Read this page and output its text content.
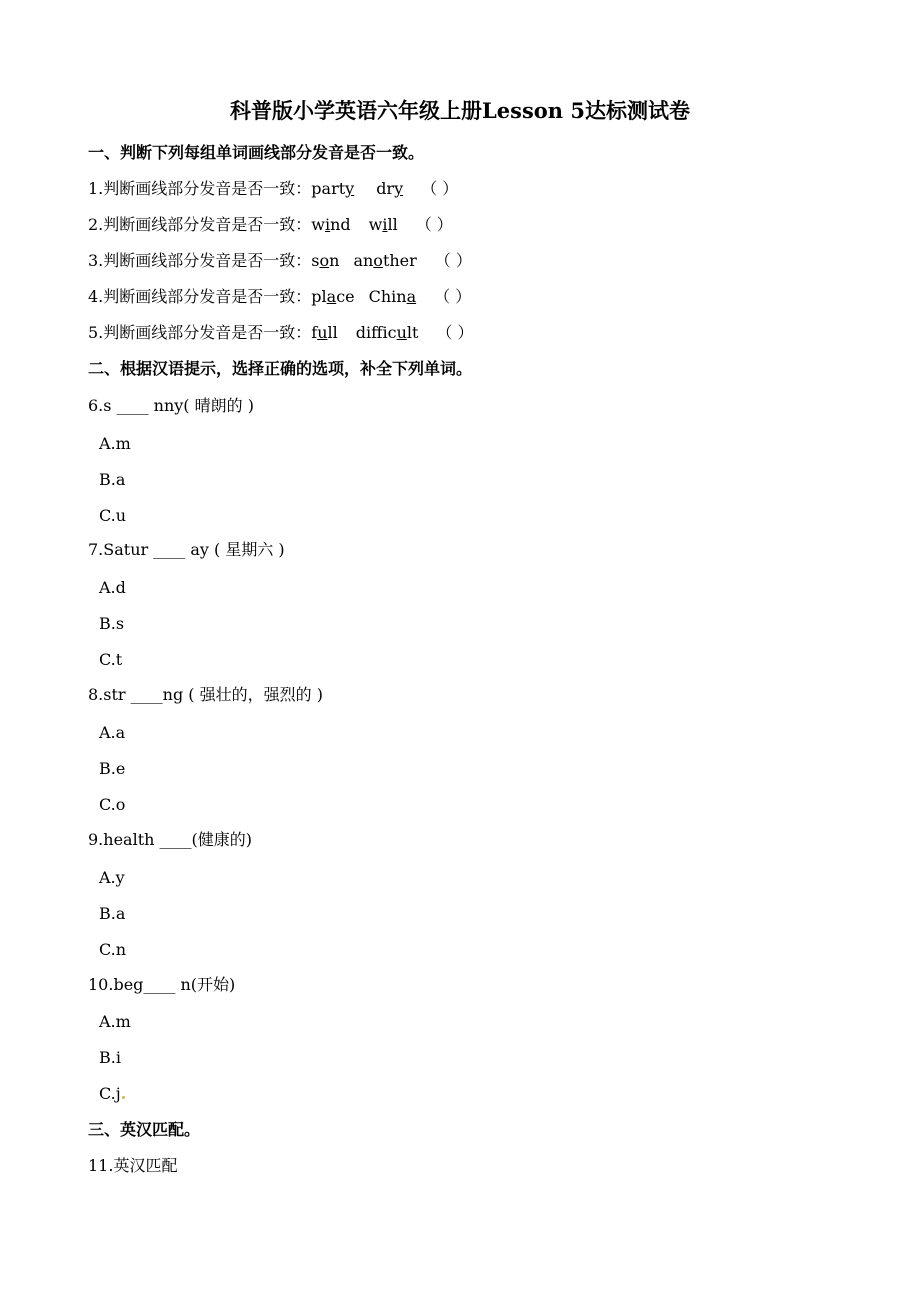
科普版小学英语六年级上册Lesson 5达标测试卷
一、判断下列每组单词画线部分发音是否一致。
1.判断画线部分发音是否一致：party dry （ ）
2.判断画线部分发音是否一致：wind will （ ）
3.判断画线部分发音是否一致：son another （ ）
4.判断画线部分发音是否一致：place China （ ）
5.判断画线部分发音是否一致：full difficult （ ）
二、根据汉语提示，选择正确的选项，补全下列单词。
6.s ____ nny( 晴朗的 )
A.m
B.a
C.u
7.Satur ____ ay ( 星期六 )
A.d
B.s
C.t
8.str ____ng ( 强壮的，强烈的 )
A.a
B.e
C.o
9.health ____(健康的)
A.y
B.a
C.n
10.beg____ n(开始)
A.m
B.i
C.j
三、英汉匹配。
11.英汉匹配
